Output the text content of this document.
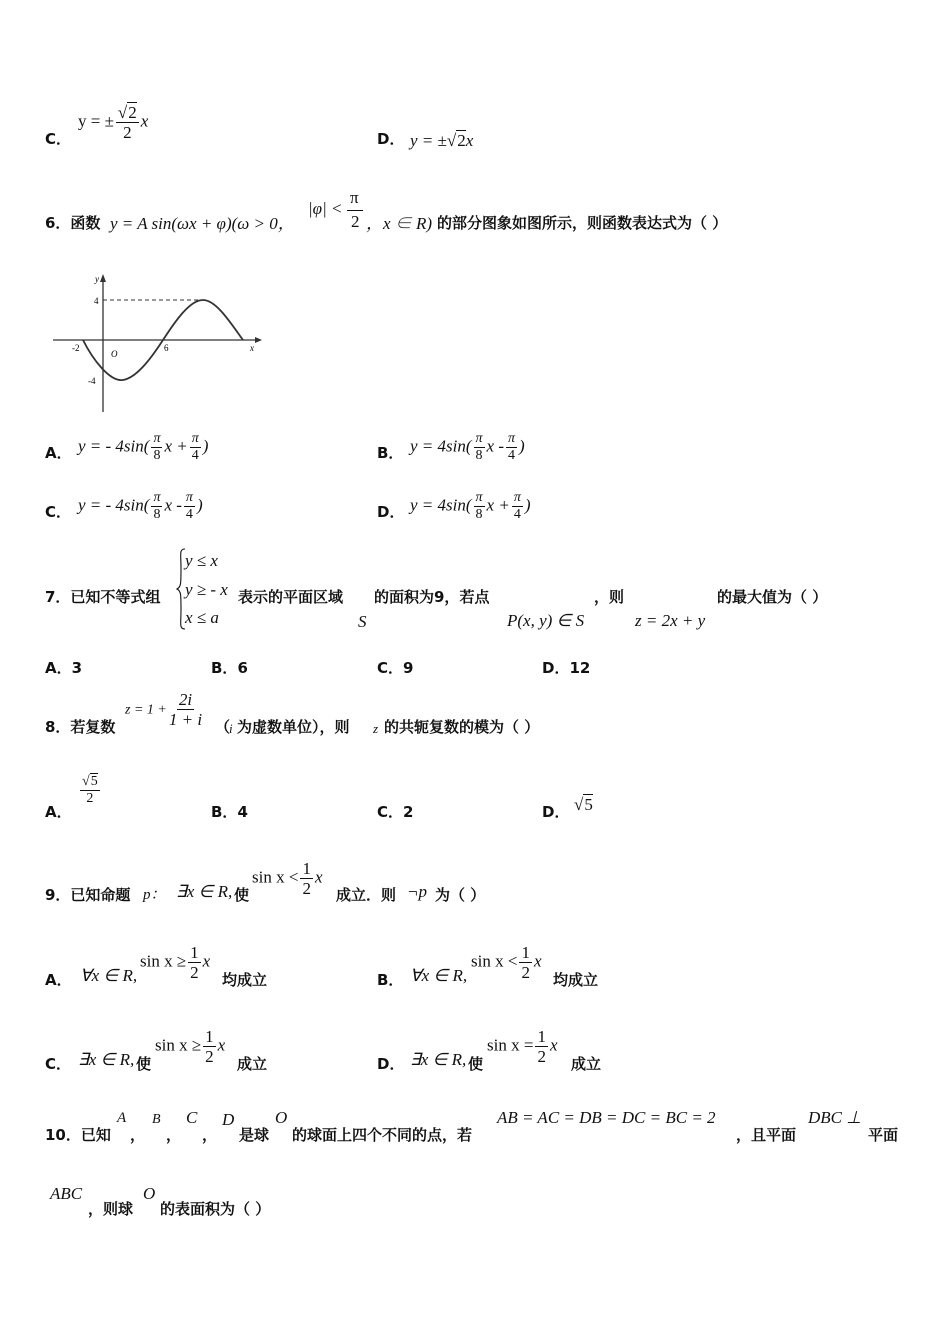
C．
y = ± $\frac{√2}{2}$ x
D． y = ±√2x
6．函数 y = A sin(ωx + φ)(ω > 0，
|φ| <
π
2 ，x ∈ R) 的部分图象如图所示，则函数表达式为（ ）
y
x
O
4
-4
-2	6
A． y = - $4\sin( \frac{\pi}{8}$ $x + \frac{\pi}{4}$ )	B． $y = 4\sin( \frac{\pi}{8}$ x - $\frac{\pi}{4}$ )
C． y = - $4\sin( \frac{\pi}{8}$ x - $\frac{\pi}{4}$ )	D． $y = 4\sin( \frac{\pi}{8}$ $x + \frac{\pi}{4}$ )
7．已知不等式组
y ≤ x
y ≥ - x
x ≤ a
表示的平面区域 的面积为9，若点	，则	的最大值为（ ）
S	P(x, y) ∈ S	z = 2x + y
A．3	B．6	C．9	D．12
8．若复数
$z = 1 + \frac{2i}{1 + i}$ （
i 为虚数单位），则 z 的共轭复数的模为（ ）
A．
$\frac{√5}{2}$
B．4	C．2	D． √5
9．已知命题 p： ∃x ∈ R, 使
$\sin x < \frac{1}{2}$ x
成立．则 ¬p 为（ ）
A． ∀x ∈ R,
$\sin x \ge \frac{1}{2}$ x
均成立	B． ∀x ∈ R,
$\sin x < \frac{1}{2}$ x
均成立
C． ∃x ∈ R, 使
$\sin x \ge \frac{1}{2}$ x
成立	D． ∃x ∈ R, 使
$\sin x = \frac{1}{2}$ x
成立
10．已知
A
，
B
，
C
，
D
是球
O
的球面上四个不同的点，若
AB = AC = DB = DC = BC = 2
，且平面
DBC ⊥
平面
ABC
，则球
O
的表面积为（ ）
